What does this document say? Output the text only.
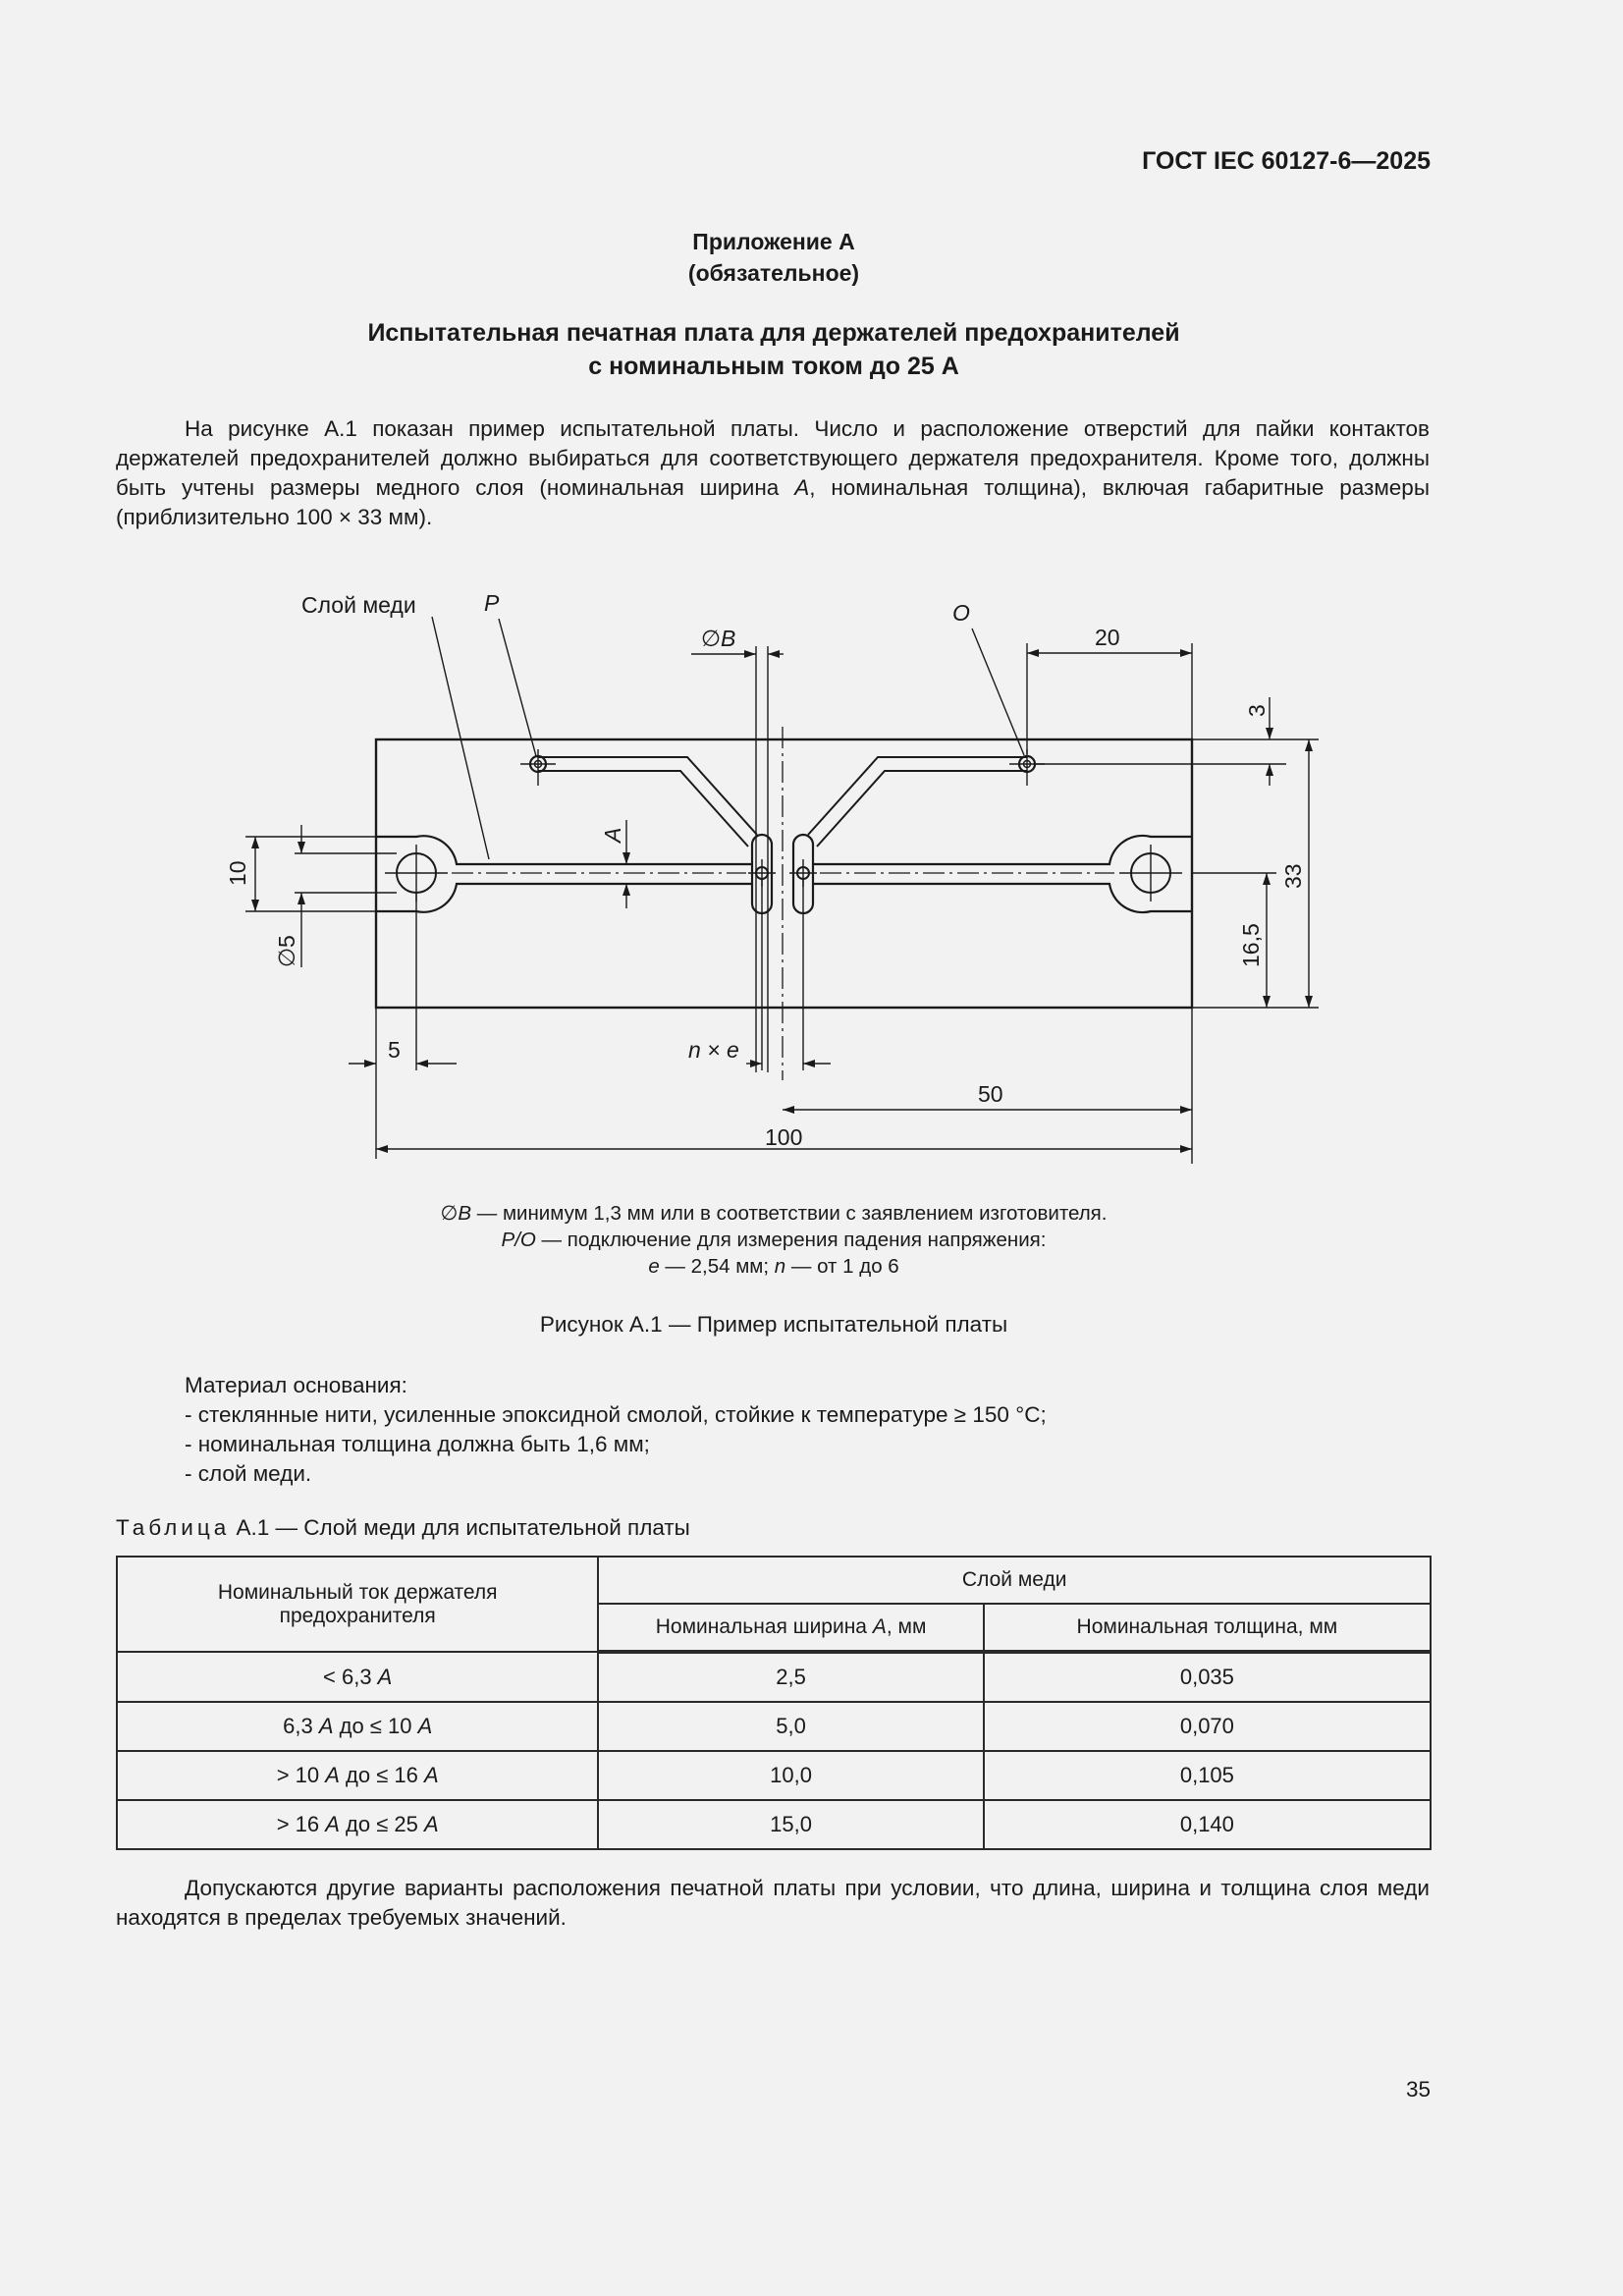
ГОСТ IEC 60127-6—2025
Приложение А
(обязательное)
Испытательная печатная плата для держателей предохранителей
с номинальным током до 25 А
На рисунке А.1 показан пример испытательной платы. Число и расположение отверстий для пайки контактов держателей предохранителей должно выбираться для соответствующего держателя предохранителя. Кроме того, должны быть учтены размеры медного слоя (номинальная ширина А, номинальная толщина), включая габаритные размеры (приблизительно 100 × 33 мм).
Слой меди	P	O
∅B	20
3
33
16,5
10
∅5
A
5	n × e
50
100
∅B — минимум 1,3 мм или в соответствии с заявлением изготовителя.
P/O — подключение для измерения падения напряжения:
e — 2,54 мм; n — от 1 до 6
Рисунок А.1 — Пример испытательной платы
Материал основания:
- стеклянные нити, усиленные эпоксидной смолой, стойкие к температуре ≥ 150 °С;
- номинальная толщина должна быть 1,6 мм;
- слой меди.
Таблица А.1 — Слой меди для испытательной платы
Номинальный ток держателя предохранителя	Слой меди	
	Номинальная ширина А, мм	Номинальная толщина, мм
< 6,3 А	2,5	0,035
6,3 А до ≤ 10 А	5,0	0,070
> 10 А до ≤ 16 А	10,0	0,105
> 16 А до ≤ 25 А	15,0	0,140
Допускаются другие варианты расположения печатной платы при условии, что длина, ширина и толщина слоя меди находятся в пределах требуемых значений.
35
